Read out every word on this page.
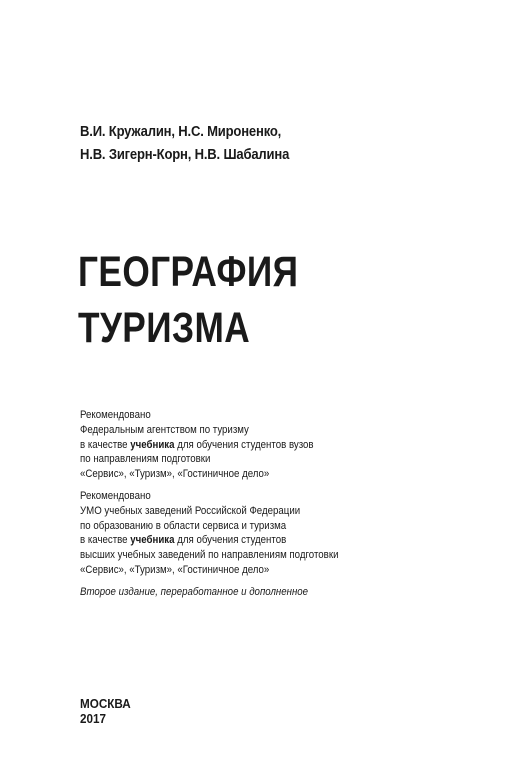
В.И. Кружалин, Н.С. Мироненко,
Н.В. Зигерн-Корн, Н.В. Шабалина
ГЕОГРАФИЯ
ТУРИЗМА
Рекомендовано
Федеральным агентством по туризму
в качестве учебника для обучения студентов вузов
по направлениям подготовки
«Сервис», «Туризм», «Гостиничное дело»
Рекомендовано
УМО учебных заведений Российской Федерации
по образованию в области сервиса и туризма
в качестве учебника для обучения студентов
высших учебных заведений по направлениям подготовки
«Сервис», «Туризм», «Гостиничное дело»
Второе издание, переработанное и дополненное
МОСКВА
2017
